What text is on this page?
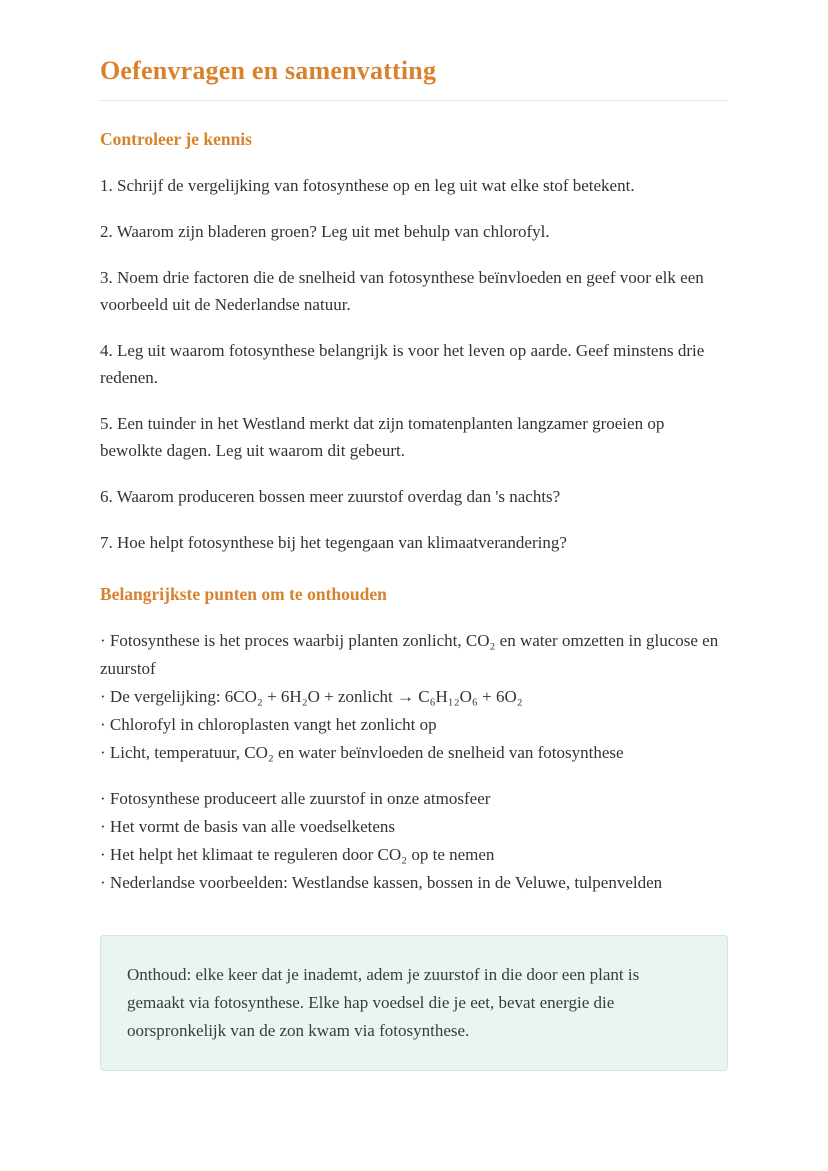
Oefenvragen en samenvatting
Controleer je kennis

1. Schrijf de vergelijking van fotosynthese op en leg uit wat elke stof betekent.

2. Waarom zijn bladeren groen? Leg uit met behulp van chlorofyl.

3. Noem drie factoren die de snelheid van fotosynthese beïnvloeden en geef voor elk een voorbeeld uit de Nederlandse natuur.

4. Leg uit waarom fotosynthese belangrijk is voor het leven op aarde. Geef minstens drie redenen.

5. Een tuinder in het Westland merkt dat zijn tomatenplanten langzamer groeien op bewolkte dagen. Leg uit waarom dit gebeurt.

6. Waarom produceren bossen meer zuurstof overdag dan 's nachts?

7. Hoe helpt fotosynthese bij het tegengaan van klimaatverandering?

Belangrijkste punten om te onthouden
· Fotosynthese is het proces waarbij planten zonlicht, CO₂ en water omzetten in glucose en zuurstof
· De vergelijking: 6CO₂ + 6H₂O + zonlicht → C₆H₁₂O₆ + 6O₂
· Chlorofyl in chloroplasten vangt het zonlicht op
· Licht, temperatuur, CO₂ en water beïnvloeden de snelheid van fotosynthese
· Fotosynthese produceert alle zuurstof in onze atmosfeer
· Het vormt de basis van alle voedselketens
· Het helpt het klimaat te reguleren door CO₂ op te nemen
· Nederlandse voorbeelden: Westlandse kassen, bossen in de Veluwe, tulpenvelden

Onthoud: elke keer dat je inademt, adem je zuurstof in die door een plant is gemaakt via fotosynthese. Elke hap voedsel die je eet, bevat energie die oorspronkelijk van de zon kwam via fotosynthese.
